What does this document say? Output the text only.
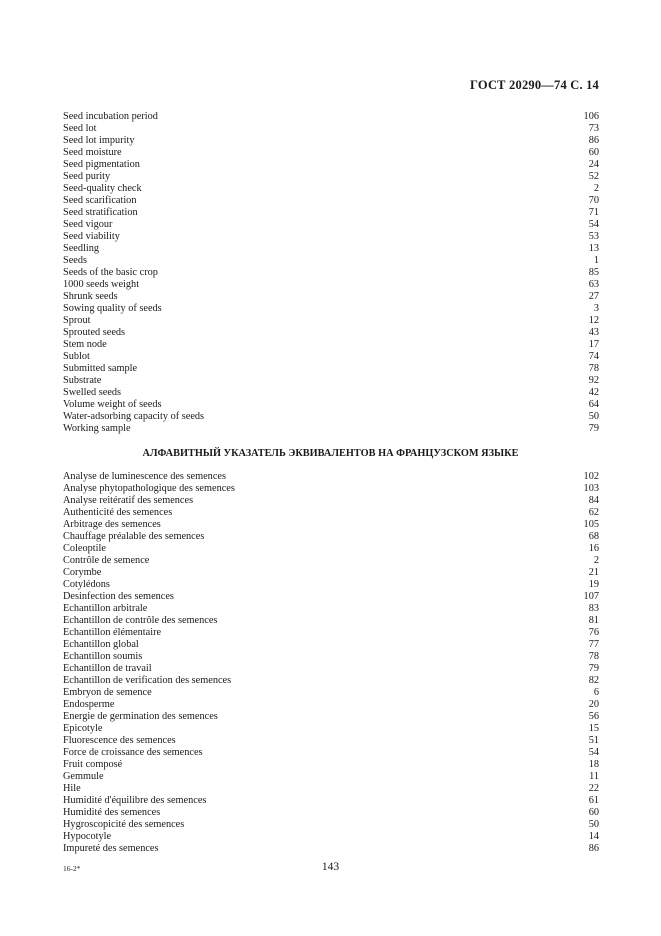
ГОСТ 20290—74 С. 14
Seed incubation period	106
Seed lot	73
Seed lot impurity	86
Seed moisture	60
Seed pigmentation	24
Seed purity	52
Seed-quality check	2
Seed scarification	70
Seed stratification	71
Seed vigour	54
Seed viability	53
Seedling	13
Seeds	1
Seeds of the basic crop	85
1000 seeds weight	63
Shrunk seeds	27
Sowing quality of seeds	3
Sprout	12
Sprouted seeds	43
Stem node	17
Sublot	74
Submitted sample	78
Substrate	92
Swelled seeds	42
Volume weight of seeds	64
Water-adsorbing capacity of seeds	50
Working sample	79
АЛФАВИТНЫЙ УКАЗАТЕЛЬ ЭКВИВАЛЕНТОВ НА ФРАНЦУЗСКОМ ЯЗЫКЕ
Analyse de luminescence des semences	102
Analyse phytopathologique des semences	103
Analyse reitératif des semences	84
Authenticité des semences	62
Arbitrage des semences	105
Chauffage préalable des semences	68
Coleoptile	16
Contrôle de semence	2
Corymbe	21
Cotylédons	19
Desinfection des semences	107
Echantillon arbitrale	83
Echantillon de contrôle des semences	81
Echantillon élémentaire	76
Echantillon global	77
Echantillon soumis	78
Echantillon de travail	79
Echantillon de verification des semences	82
Embryon de semence	6
Endosperme	20
Energie de germination des semences	56
Epicotyle	15
Fluorescence des semences	51
Force de croissance des semences	54
Fruit composé	18
Gemmule	11
Hile	22
Humidité d'équilibre des semences	61
Humidité des semences	60
Hygroscopicité des semences	50
Hypocotyle	14
Impureté des semences	86
16-2*	143
